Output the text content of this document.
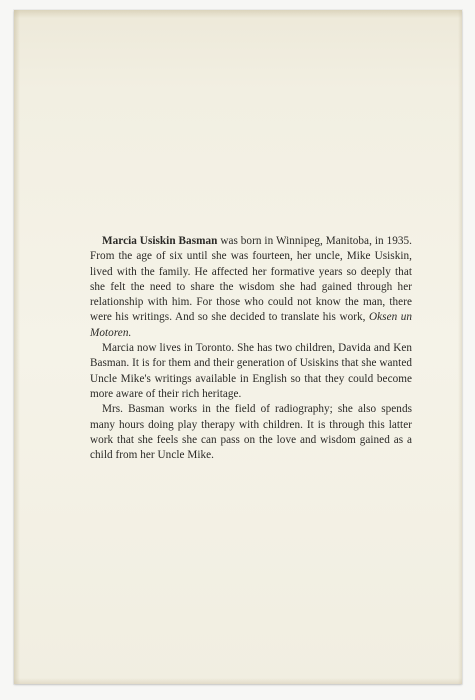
Marcia Usiskin Basman was born in Winnipeg, Manitoba, in 1935. From the age of six until she was fourteen, her uncle, Mike Usiskin, lived with the family. He affected her formative years so deeply that she felt the need to share the wisdom she had gained through her relationship with him. For those who could not know the man, there were his writings. And so she decided to translate his work, Oksen un Motoren.

Marcia now lives in Toronto. She has two children, Davida and Ken Basman. It is for them and their generation of Usiskins that she wanted Uncle Mike's writings available in English so that they could become more aware of their rich heritage.

Mrs. Basman works in the field of radiography; she also spends many hours doing play therapy with children. It is through this latter work that she feels she can pass on the love and wisdom gained as a child from her Uncle Mike.
